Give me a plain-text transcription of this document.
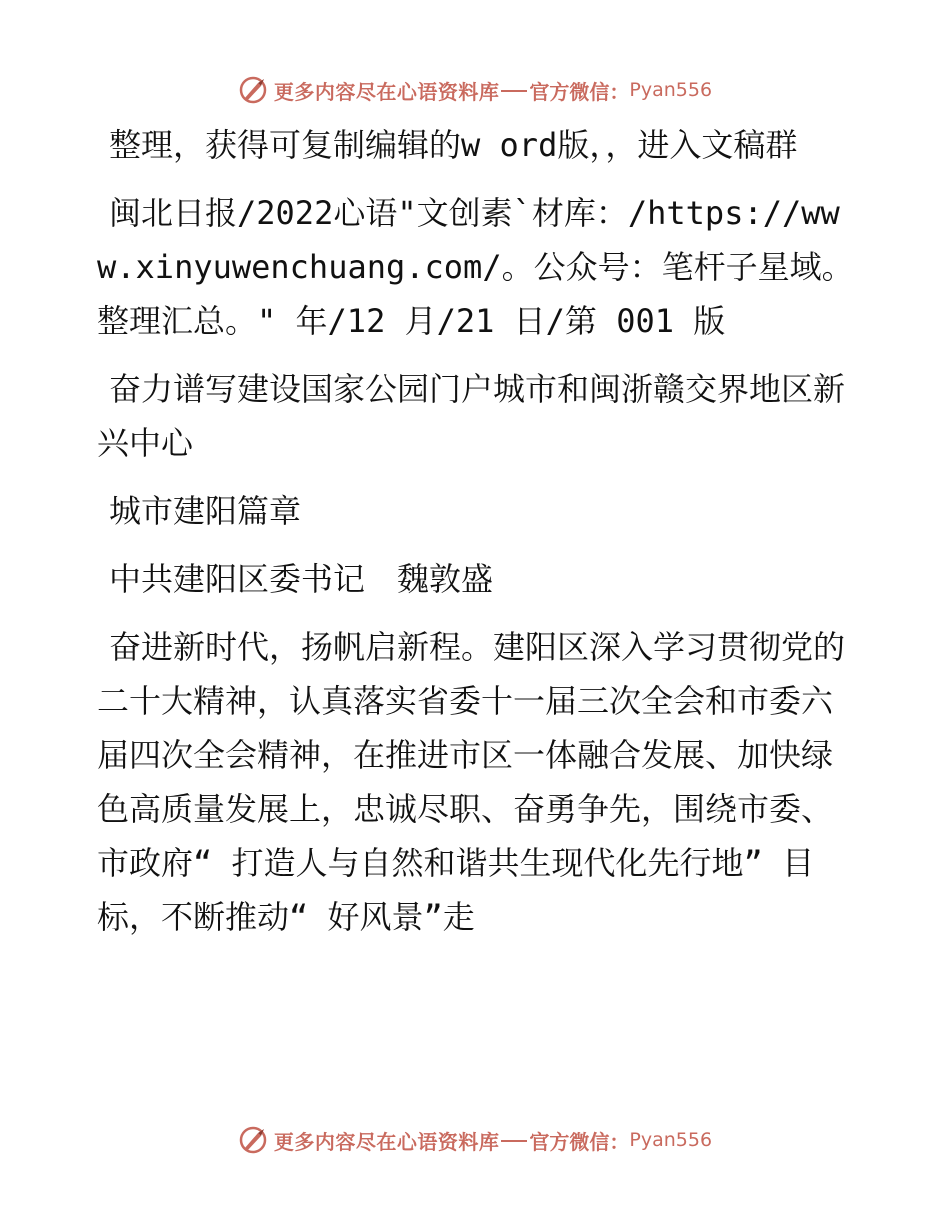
更多内容尽在心语资料库 官方微信： Pyan556

整理，获得可复制编辑的w ord版，，进入文稿群

闽北日报/2022心语"文创素`材库：/https://www.xinyuwenchuang.com/。公众号：笔杆子星域。整理汇总。" 年/12 月/21 日/第 001 版

奋力谱写建设国家公园门户城市和闽浙赣交界地区新兴中心

城市建阳篇章

中共建阳区委书记　魏敦盛

奋进新时代，扬帆启新程。建阳区深入学习贯彻党的二十大精神，认真落实省委十一届三次全会和市委六届四次全会精神，在推进市区一体融合发展、加快绿色高质量发展上，忠诚尽职、奋勇争先，围绕市委、市政府“ 打造人与自然和谐共生现代化先行地” 目标，不断推动“ 好风景”走

更多内容尽在心语资料库 官方微信： Pyan556
